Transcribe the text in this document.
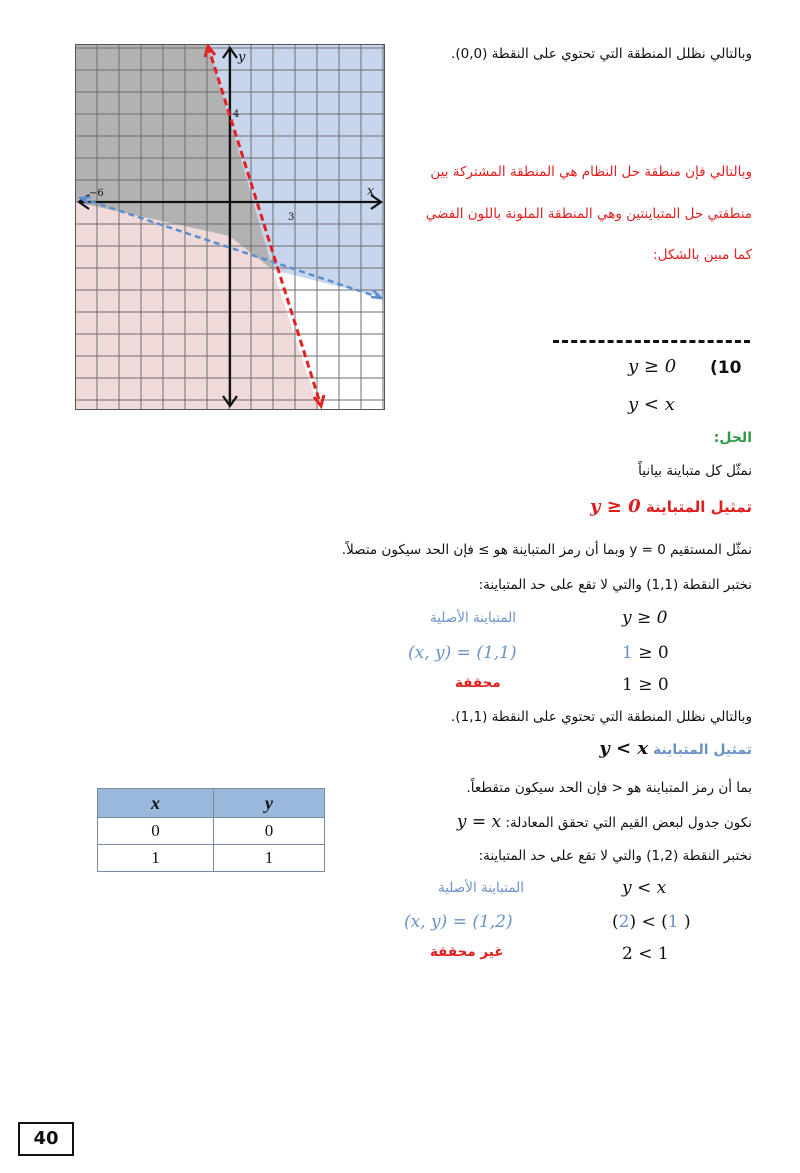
y
x
4
−6
3
وبالتالي نظلل المنطقة التي تحتوي على النقطة (0,0).
وبالتالي فإن منطقة حل النظام هي المنطقة المشتركة بين
منطقتي حل المتباينتين وهي المنطقة الملونة باللون الفضي
كما مبين بالشكل:
(10
y ≥ 0
y < x
الحل:
نمثّل كل متباينة بيانياً
تمثيل المتباينة y ≥ 0
نمثّل المستقيم y = 0 وبما أن رمز المتباينة هو ≥ فإن الحد سيكون متصلاً.
نختبر النقطة (1,1) والتي لا تقع على حد المتباينة:
المتباينة الأصلية	y ≥ 0
(x, y) = (1,1)	1 ≥ 0
محققة	1 ≥ 0
وبالتالي نظلل المنطقة التي تحتوي على النقطة (1,1).
تمثيل المتباينة y < x
بما أن رمز المتباينة هو < فإن الحد سيكون متقطعاً.
نكون جدول لبعض القيم التي تحقق المعادلة: y = x
نختبر النقطة (1,2) والتي لا تقع على حد المتباينة:
المتباينة الأصلية	y < x
(x, y) = (1,2)	(2) < (1 )
غير محققة	2 < 1
x	y
0	0
1	1
40
